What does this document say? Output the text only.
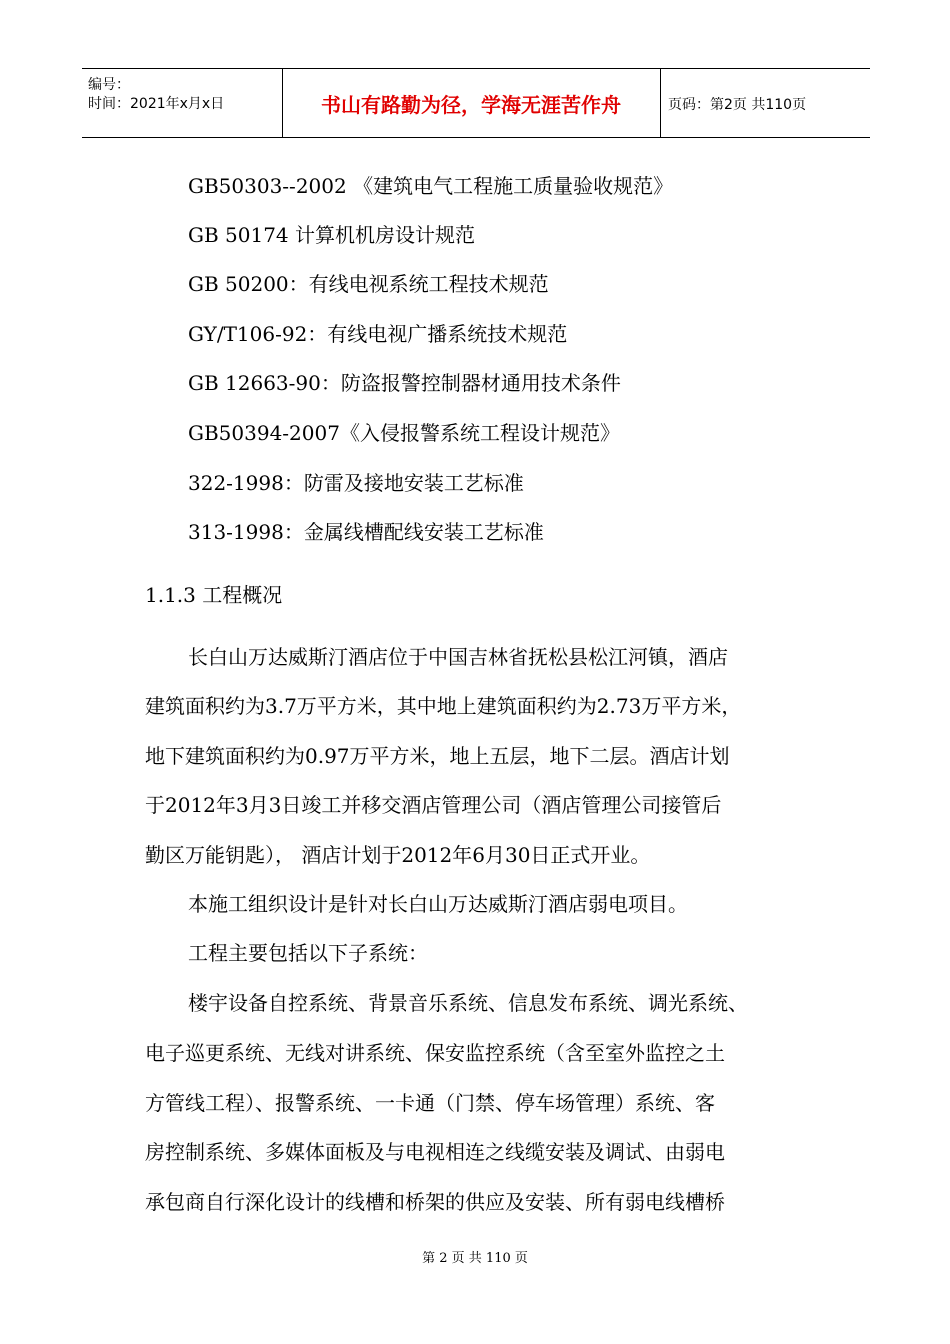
编号：
时间：2021年x月x日	书山有路勤为径，学海无涯苦作舟	页码：第2页 共110页
GB50303--2002 《建筑电气工程施工质量验收规范》
GB 50174 计算机机房设计规范
GB 50200：有线电视系统工程技术规范
GY/T106-92：有线电视广播系统技术规范
GB 12663-90：防盗报警控制器材通用技术条件
GB50394-2007《入侵报警系统工程设计规范》
322-1998：防雷及接地安装工艺标准
313-1998：金属线槽配线安装工艺标准
1.1.3 工程概况
长白山万达威斯汀酒店位于中国吉林省抚松县松江河镇，酒店
建筑面积约为3.7万平方米，其中地上建筑面积约为2.73万平方米，
地下建筑面积约为0.97万平方米，地上五层，地下二层。酒店计划
于2012年3月3日竣工并移交酒店管理公司（酒店管理公司接管后
勤区万能钥匙）， 酒店计划于2012年6月30日正式开业。
本施工组织设计是针对长白山万达威斯汀酒店弱电项目。
工程主要包括以下子系统：
楼宇设备自控系统、背景音乐系统、信息发布系统、调光系统、
电子巡更系统、无线对讲系统、保安监控系统（含至室外监控之土
方管线工程）、报警系统、一卡通（门禁、停车场管理）系统、客
房控制系统、多媒体面板及与电视相连之线缆安装及调试、由弱电
承包商自行深化设计的线槽和桥架的供应及安装、所有弱电线槽桥
第 2 页 共 110 页
